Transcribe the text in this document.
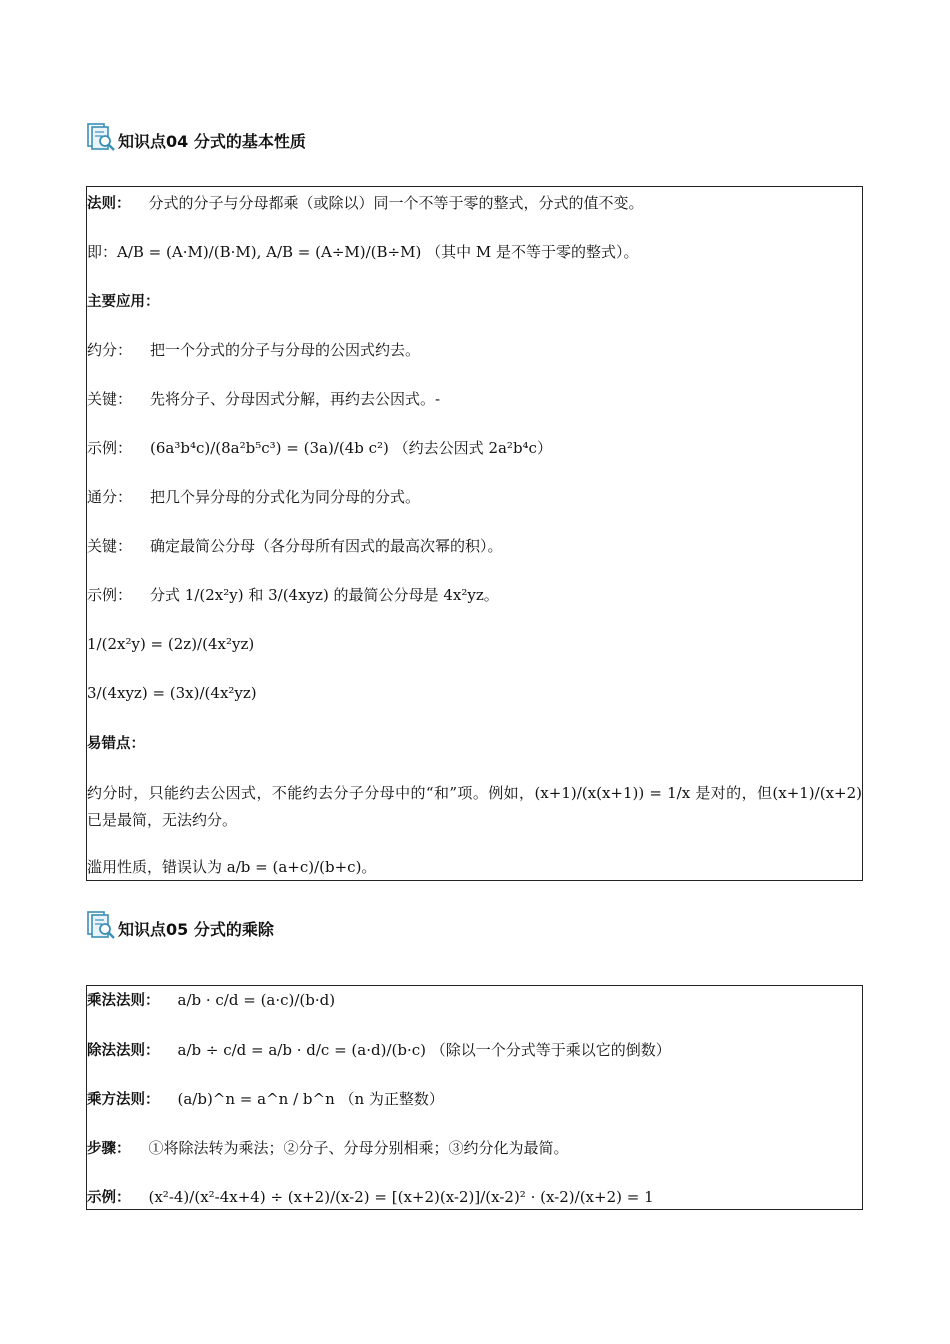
知识点04 分式的基本性质
法则： 分式的分子与分母都乘（或除以）同一个不等于零的整式，分式的值不变。
即：A/B = (A·M)/(B·M), A/B = (A÷M)/(B÷M) （其中 M 是不等于零的整式）。
主要应用：
约分： 把一个分式的分子与分母的公因式约去。
关键： 先将分子、分母因式分解，再约去公因式。-
示例： (6a³b⁴c)/(8a²b⁵c³) = (3a)/(4b c²) （约去公因式 2a²b⁴c）
通分： 把几个异分母的分式化为同分母的分式。
关键： 确定最简公分母（各分母所有因式的最高次幂的积）。
示例： 分式 1/(2x²y) 和 3/(4xyz) 的最简公分母是 4x²yz。
1/(2x²y) = (2z)/(4x²yz)
3/(4xyz) = (3x)/(4x²yz)
易错点：
约分时，只能约去公因式，不能约去分子分母中的“和”项。例如，(x+1)/(x(x+1)) = 1/x 是对的，但(x+1)/(x+2) 已是最简，无法约分。
滥用性质，错误认为 a/b = (a+c)/(b+c)。
知识点05 分式的乘除
乘法法则： a/b · c/d = (a·c)/(b·d)
除法法则： a/b ÷ c/d = a/b · d/c = (a·d)/(b·c) （除以一个分式等于乘以它的倒数）
乘方法则： (a/b)^n = a^n / b^n （n 为正整数）
步骤： ①将除法转为乘法；②分子、分母分别相乘；③约分化为最简。
示例： (x²-4)/(x²-4x+4) ÷ (x+2)/(x-2) = [(x+2)(x-2)]/(x-2)² · (x-2)/(x+2) = 1
